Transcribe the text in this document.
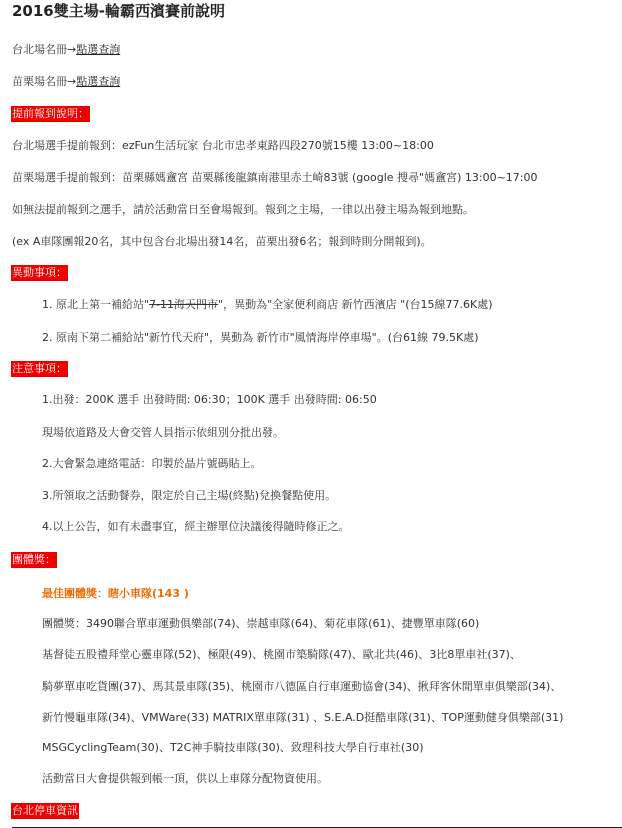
2016雙主場-輪霸西濱賽前說明
台北場名冊→點選查詢
苗栗場名冊→點選查詢
提前報到說明：
台北場選手提前報到：ezFun生活玩家 台北市忠孝東路四段270號15樓 13:00~18:00
苗栗場選手提前報到：苗栗縣媽盦宮 苗栗縣後龍鎮南港里赤土崎83號 (google 搜尋"媽盦宮) 13:00~17:00
如無法提前報到之選手，請於活動當日至會場報到。報到之主場，一律以出發主場為報到地點。
(ex A車隊團報20名，其中包含台北場出發14名，苗栗出發6名；報到時則分開報到)。
異動事項：
1. 原北上第一補給站"7-11海天門市"，異動為"全家便利商店 新竹西濱店 "(台15線77.6K處)
2. 原南下第二補給站"新竹代天府"，異動為 新竹市"風情海岸停車場"。(台61線 79.5K處)
注意事項：
1.出發：200K 選手 出發時間: 06:30；100K 選手 出發時間: 06:50
現場依道路及大會交管人員指示依組別分批出發。
2.大會緊急連絡電話：印製於晶片號碼貼上。
3.所領取之活動餐券，限定於自己主場(終點)兌換餐點使用。
4.以上公告，如有未盡事宜，經主辦單位決議後得隨時修正之。
團體獎：
最佳團體獎：瞎小車隊(143 )
團體獎：3490聯合單車運動俱樂部(74)、崇越車隊(64)、菊花車隊(61)、捷豐單車隊(60)
基督徒五股禮拜堂心靈車隊(52)、極限(49)、桃園市築騎隊(47)、歐北共(46)、3比8單車社(37)、
騎夢單車吃貨團(37)、馬其景車隊(35)、桃園市八德區自行車運動協會(34)、揪拜客休閒單車俱樂部(34)、
新竹慢龜車隊(34)、VMWare(33) MATRIX單車隊(31) 、S.E.A.D挺酷車隊(31)、TOP運動健身俱樂部(31)
MSGCyclingTeam(30)、T2C神手騎技車隊(30)、致理科技大學自行車社(30)
活動當日大會提供報到帳一頂，供以上車隊分配物資使用。
台北停車資訊
